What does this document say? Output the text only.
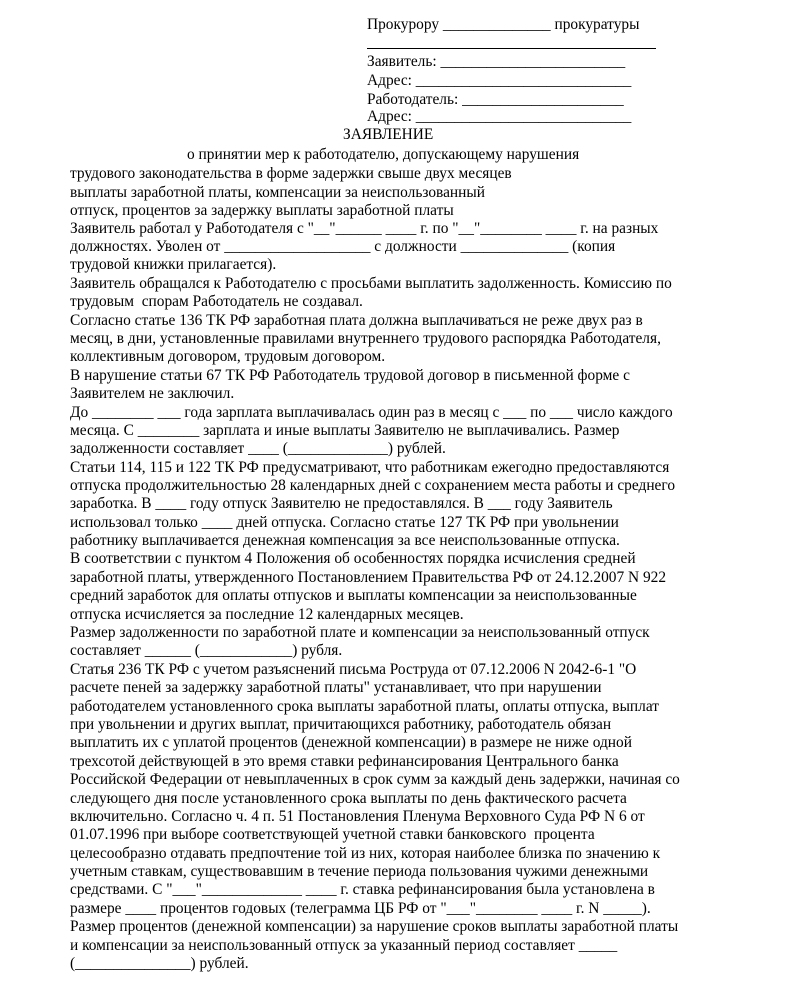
Прокурору ______________ прокуратуры
Заявитель: ________________________
Адрес: ____________________________
Работодатель: _____________________
Адрес: ____________________________
ЗАЯВЛЕНИЕ
о принятии мер к работодателю, допускающему нарушения
трудового законодательства в форме задержки свыше двух месяцев
выплаты заработной платы, компенсации за неиспользованный
отпуск, процентов за задержку выплаты заработной платы
Заявитель работал у Работодателя с "__"______ ____ г. по "__"________ ____ г. на разных
должностях. Уволен от ___________________ с должности ______________ (копия
трудовой книжки прилагается).
Заявитель обращался к Работодателю с просьбами выплатить задолженность. Комиссию по
трудовым  спорам Работодатель не создавал.
Согласно статье 136 ТК РФ заработная плата должна выплачиваться не реже двух раз в
месяц, в дни, установленные правилами внутреннего трудового распорядка Работодателя,
коллективным договором, трудовым договором.
В нарушение статьи 67 ТК РФ Работодатель трудовой договор в письменной форме с
Заявителем не заключил.
До ________ ___ года зарплата выплачивалась один раз в месяц с ___ по ___ число каждого
месяца. С ________ зарплата и иные выплаты Заявителю не выплачивались. Размер
задолженности составляет ____ (_____________) рублей.
Статьи 114, 115 и 122 ТК РФ предусматривают, что работникам ежегодно предоставляются
отпуска продолжительностью 28 календарных дней с сохранением места работы и среднего
заработка. В ____ году отпуск Заявителю не предоставлялся. В ___ году Заявитель
использовал только ____ дней отпуска. Согласно статье 127 ТК РФ при увольнении
работнику выплачивается денежная компенсация за все неиспользованные отпуска.
В соответствии с пунктом 4 Положения об особенностях порядка исчисления средней
заработной платы, утвержденного Постановлением Правительства РФ от 24.12.2007 N 922
средний заработок для оплаты отпусков и выплаты компенсации за неиспользованные
отпуска исчисляется за последние 12 календарных месяцев.
Размер задолженности по заработной плате и компенсации за неиспользованный отпуск
составляет ______ (____________) рубля.
Статья 236 ТК РФ с учетом разъяснений письма Роструда от 07.12.2006 N 2042-6-1 "О
расчете пеней за задержку заработной платы" устанавливает, что при нарушении
работодателем установленного срока выплаты заработной платы, оплаты отпуска, выплат
при увольнении и других выплат, причитающихся работнику, работодатель обязан
выплатить их с уплатой процентов (денежной компенсации) в размере не ниже одной
трехсотой действующей в это время ставки рефинансирования Центрального банка
Российской Федерации от невыплаченных в срок сумм за каждый день задержки, начиная со
следующего дня после установленного срока выплаты по день фактического расчета
включительно. Согласно ч. 4 п. 51 Постановления Пленума Верховного Суда РФ N 6 от
01.07.1996 при выборе соответствующей учетной ставки банковского  процента
целесообразно отдавать предпочтение той из них, которая наиболее близка по значению к
учетным ставкам, существовавшим в течение периода пользования чужими денежными
средствами. С "___"_____________ ____ г. ставка рефинансирования была установлена в
размере ____ процентов годовых (телеграмма ЦБ РФ от "___"________ ____ г. N _____).
Размер процентов (денежной компенсации) за нарушение сроков выплаты заработной платы
и компенсации за неиспользованный отпуск за указанный период составляет _____
(_______________) рублей.
